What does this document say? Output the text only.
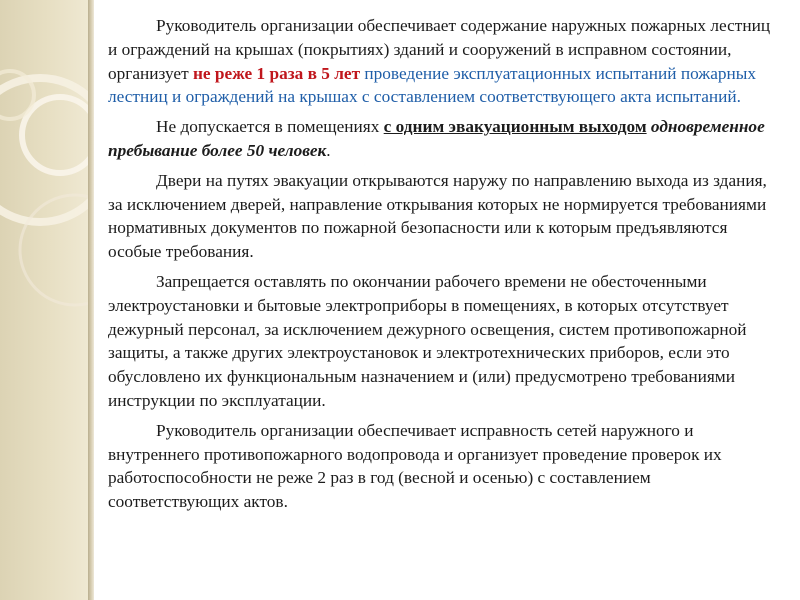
Руководитель организации обеспечивает содержание наружных пожарных лестниц и ограждений на крышах (покрытиях) зданий и сооружений в исправном состоянии, организует не реже 1 раза в 5 лет проведение эксплуатационных испытаний пожарных лестниц и ограждений на крышах с составлением соответствующего акта испытаний.

Не допускается в помещениях с одним эвакуационным выходом одновременное пребывание более 50 человек.

Двери на путях эвакуации открываются наружу по направлению выхода из здания, за исключением дверей, направление открывания которых не нормируется требованиями нормативных документов по пожарной безопасности или к которым предъявляются особые требования.

Запрещается оставлять по окончании рабочего времени не обесточенными электроустановки и бытовые электроприборы в помещениях, в которых отсутствует дежурный персонал, за исключением дежурного освещения, систем противопожарной защиты, а также других электроустановок и электротехнических приборов, если это обусловлено их функциональным назначением и (или) предусмотрено требованиями инструкции по эксплуатации.

Руководитель организации обеспечивает исправность сетей наружного и внутреннего противопожарного водопровода и организует проведение проверок их работоспособности не реже 2 раз в год (весной и осенью) с составлением соответствующих актов.
